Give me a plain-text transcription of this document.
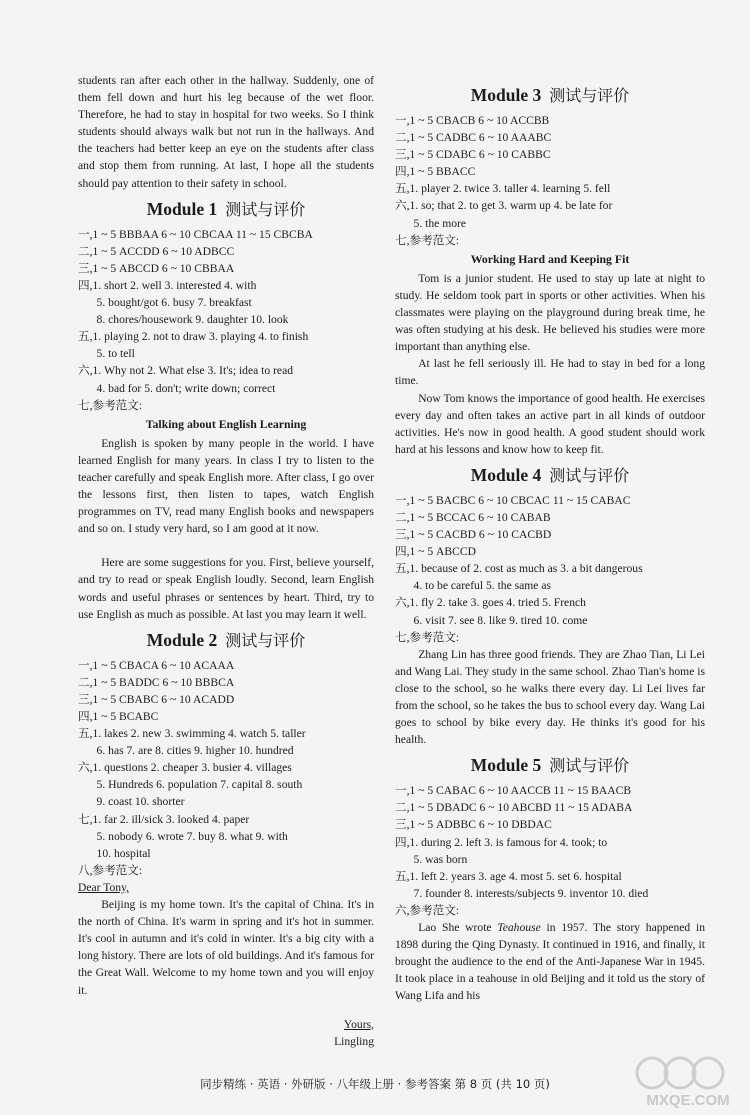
students ran after each other in the hallway. Suddenly, one of them fell down and hurt his leg because of the wet floor. Therefore, he had to stay in hospital for two weeks. So I think students should always walk but not run in the hallways. And the teachers had better keep an eye on the students after class and stop them from running. At last, I hope all the students should pay attention to their safety in school.

Module 1 测试与评价

一,1 ~ 5 BBBAA 6 ~ 10 CBCAA 11 ~ 15 CBCBA

二,1 ~ 5 ACCDD 6 ~ 10 ADBCC

三,1 ~ 5 ABCCD 6 ~ 10 CBBAA

四,1. short 2. well 3. interested 4. with

5. bought/got 6. busy 7. breakfast

8. chores/housework 9. daughter 10. look

五,1. playing 2. not to draw 3. playing 4. to finish

5. to tell

六,1. Why not 2. What else 3. It's; idea to read

4. bad for 5. don't; write down; correct

七,参考范文:

Talking about English Learning

English is spoken by many people in the world. I have learned English for many years. In class I try to listen to the teacher carefully and speak English more. After class, I go over the lessons first, then listen to tapes, watch English programmes on TV, read many English books and newspapers and so on. I study very hard, so I am good at it now.

Here are some suggestions for you. First, believe yourself, and try to read or speak English loudly. Second, learn English words and useful phrases or sentences by heart. Third, try to use English as much as possible. At last you may learn it well.

Module 2 测试与评价

一,1 ~ 5 CBACA 6 ~ 10 ACAAA

二,1 ~ 5 BADDC 6 ~ 10 BBBCA

三,1 ~ 5 CBABC 6 ~ 10 ACADD

四,1 ~ 5 BCABC

五,1. lakes 2. new 3. swimming 4. watch 5. taller

6. has 7. are 8. cities 9. higher 10. hundred

六,1. questions 2. cheaper 3. busier 4. villages

5. Hundreds 6. population 7. capital 8. south

9. coast 10. shorter

七,1. far 2. ill/sick 3. looked 4. paper

5. nobody 6. wrote 7. buy 8. what 9. with

10. hospital

八,参考范文:

Dear Tony,

Beijing is my home town. It's the capital of China. It's in the north of China. It's warm in spring and it's hot in summer. It's cool in autumn and it's cold in winter. It's a big city with a long history. There are lots of old buildings. And it's famous for the Great Wall. Welcome to my home town and you will enjoy it.

Yours,

Lingling

Module 3 测试与评价

一,1 ~ 5 CBACB 6 ~ 10 ACCBB

二,1 ~ 5 CADBC 6 ~ 10 AAABC

三,1 ~ 5 CDABC 6 ~ 10 CABBC

四,1 ~ 5 BBACC

五,1. player 2. twice 3. taller 4. learning 5. fell

六,1. so; that 2. to get 3. warm up 4. be late for

5. the more

七,参考范文:

Working Hard and Keeping Fit

Tom is a junior student. He used to stay up late at night to study. He seldom took part in sports or other activities. When his classmates were playing on the playground during break time, he was often studying at his desk. He believed his studies were more important than anything else.

At last he fell seriously ill. He had to stay in bed for a long time.

Now Tom knows the importance of good health. He exercises every day and often takes an active part in all kinds of outdoor activities. He's now in good health. A good student should work hard at his lessons and know how to keep fit.

Module 4 测试与评价

一,1 ~ 5 BACBC 6 ~ 10 CBCAC 11 ~ 15 CABAC

二,1 ~ 5 BCCAC 6 ~ 10 CABAB

三,1 ~ 5 CACBD 6 ~ 10 CACBD

四,1 ~ 5 ABCCD

五,1. because of 2. cost as much as 3. a bit dangerous

4. to be careful 5. the same as

六,1. fly 2. take 3. goes 4. tried 5. French

6. visit 7. see 8. like 9. tired 10. come

七,参考范文:

Zhang Lin has three good friends. They are Zhao Tian, Li Lei and Wang Lai. They study in the same school. Zhao Tian's home is close to the school, so he walks there every day. Li Lei lives far from the school, so he takes the bus to school every day. Wang Lai goes to school by bike every day. He thinks it's good for his health.

Module 5 测试与评价

一,1 ~ 5 CABAC 6 ~ 10 AACCB 11 ~ 15 BAACB

二,1 ~ 5 DBADC 6 ~ 10 ABCBD 11 ~ 15 ADABA

三,1 ~ 5 ADBBC 6 ~ 10 DBDAC

四,1. during 2. left 3. is famous for 4. took; to

5. was born

五,1. left 2. years 3. age 4. most 5. set 6. hospital

7. founder 8. interests/subjects 9. inventor 10. died

六,参考范文:

Lao She wrote Teahouse in 1957. The story happened in 1898 during the Qing Dynasty. It continued in 1916, and finally, it brought the audience to the end of the Anti-Japanese War in 1945. It took place in a teahouse in old Beijing and it told us the story of Wang Lifa and his

同步精练 · 英语 · 外研版 · 八年级上册 · 参考答案 第 8 页 (共 10 页)
MXQE.COM
